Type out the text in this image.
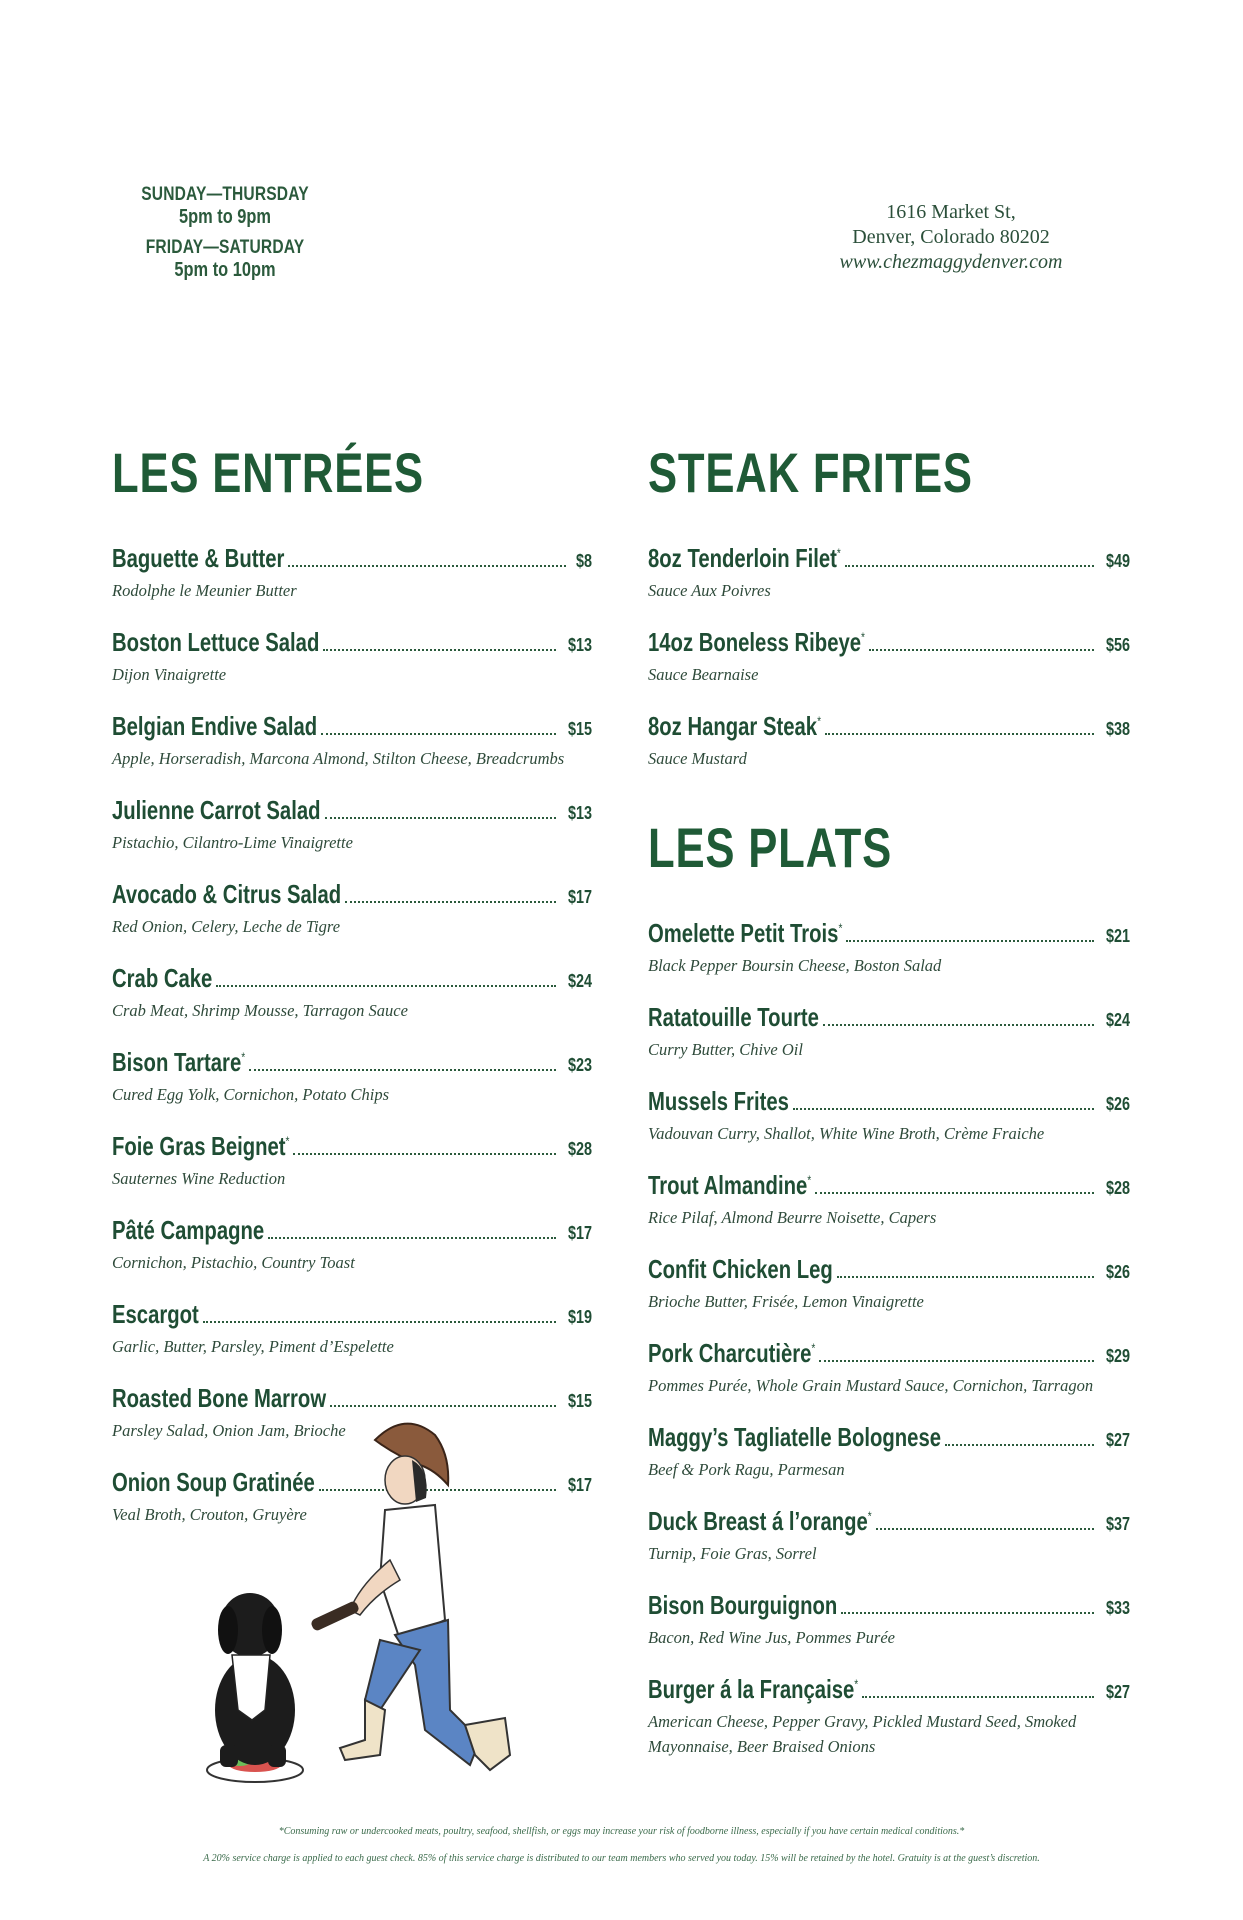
SUNDAY—THURSDAY
5pm to 9pm
FRIDAY—SATURDAY
5pm to 10pm
1616 Market St,
Denver, Colorado 80202
www.chezmaggydenver.com
LES ENTRÉES
Baguette & Butter	$8
Rodolphe le Meunier Butter
Boston Lettuce Salad	$13
Dijon Vinaigrette
Belgian Endive Salad	$15
Apple, Horseradish, Marcona Almond, Stilton Cheese, Breadcrumbs
Julienne Carrot Salad	$13
Pistachio, Cilantro-Lime Vinaigrette
Avocado & Citrus Salad	$17
Red Onion, Celery, Leche de Tigre
Crab Cake	$24
Crab Meat, Shrimp Mousse, Tarragon Sauce
Bison Tartare*	$23
Cured Egg Yolk, Cornichon, Potato Chips
Foie Gras Beignet*	$28
Sauternes Wine Reduction
Pâté Campagne	$17
Cornichon, Pistachio, Country Toast
Escargot	$19
Garlic, Butter, Parsley, Piment d’Espelette
Roasted Bone Marrow	$15
Parsley Salad, Onion Jam, Brioche
Onion Soup Gratinée	$17
Veal Broth, Crouton, Gruyère
STEAK FRITES
8oz Tenderloin Filet*	$49
Sauce Aux Poivres
14oz Boneless Ribeye*	$56
Sauce Bearnaise
8oz Hangar Steak*	$38
Sauce Mustard
LES PLATS
Omelette Petit Trois*	$21
Black Pepper Boursin Cheese, Boston Salad
Ratatouille Tourte	$24
Curry Butter, Chive Oil
Mussels Frites	$26
Vadouvan Curry, Shallot, White Wine Broth, Crème Fraiche
Trout Almandine*	$28
Rice Pilaf, Almond Beurre Noisette, Capers
Confit Chicken Leg	$26
Brioche Butter, Frisée, Lemon Vinaigrette
Pork Charcutière*	$29
Pommes Purée, Whole Grain Mustard Sauce, Cornichon, Tarragon
Maggy’s Tagliatelle Bolognese	$27
Beef & Pork Ragu, Parmesan
Duck Breast á l’orange*	$37
Turnip, Foie Gras, Sorrel
Bison Bourguignon	$33
Bacon, Red Wine Jus, Pommes Purée
Burger á la Française*	$27
American Cheese, Pepper Gravy, Pickled Mustard Seed, Smoked Mayonnaise, Beer Braised Onions
*Consuming raw or undercooked meats, poultry, seafood, shellfish, or eggs may increase your risk of foodborne illness, especially if you have certain medical conditions.*
A 20% service charge is applied to each guest check. 85% of this service charge is distributed to our team members who served you today. 15% will be retained by the hotel. Gratuity is at the guest’s discretion.
